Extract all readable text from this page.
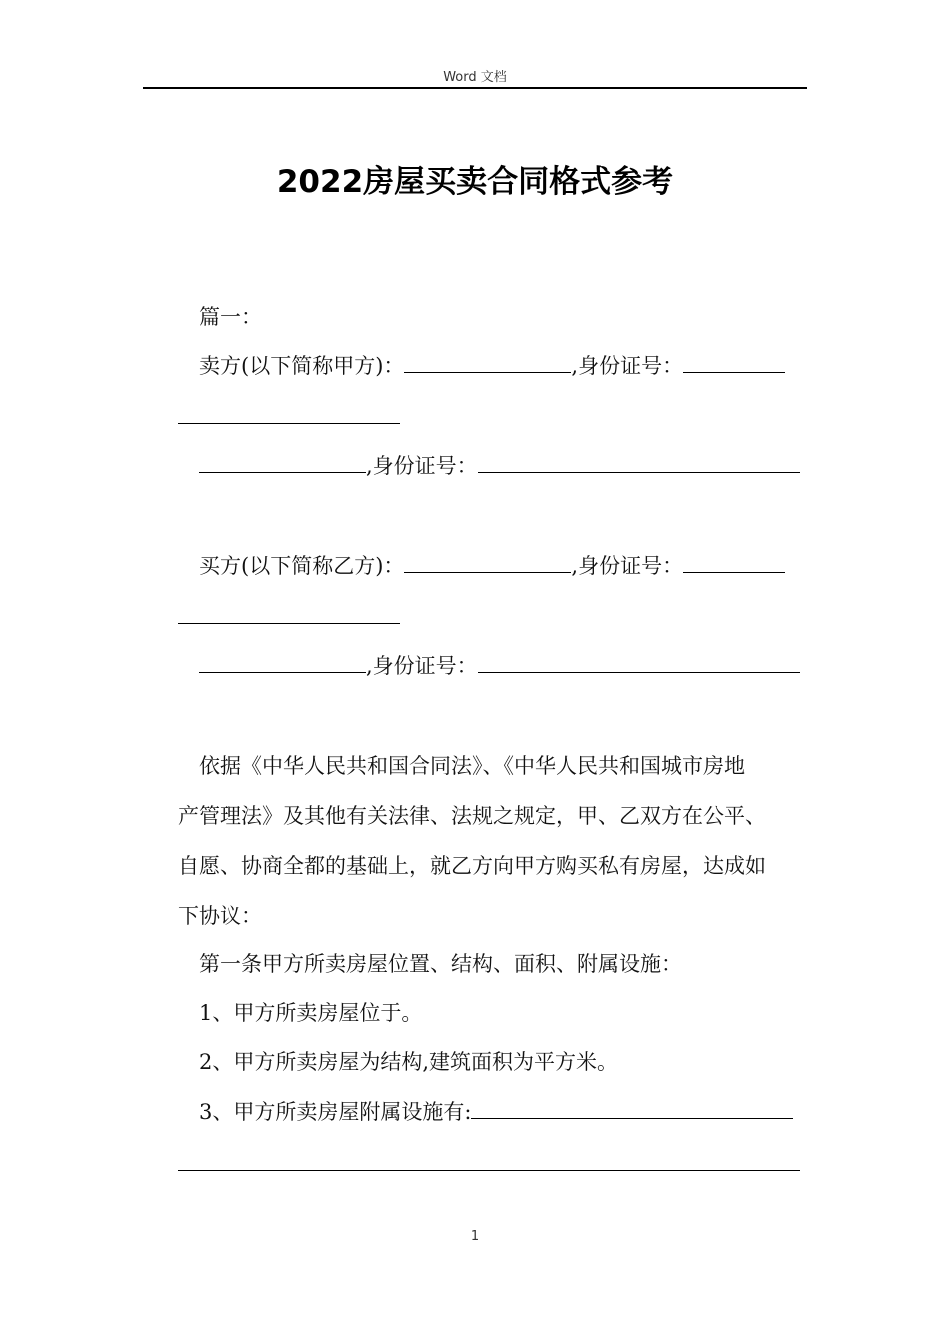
Word 文档
2022房屋买卖合同格式参考
篇一：
卖方(以下简称甲方)：	,身份证号：
,身份证号：
买方(以下简称乙方)：	,身份证号：
,身份证号：
依据《中华人民共和国合同法》、《中华人民共和国城市房地
产管理法》及其他有关法律、法规之规定，甲、乙双方在公平、
自愿、协商全都的基础上，就乙方向甲方购买私有房屋，达成如
下协议：
第一条甲方所卖房屋位置、结构、面积、附属设施：
1、甲方所卖房屋位于。
2、甲方所卖房屋为结构,建筑面积为平方米。
3、甲方所卖房屋附属设施有:
1
